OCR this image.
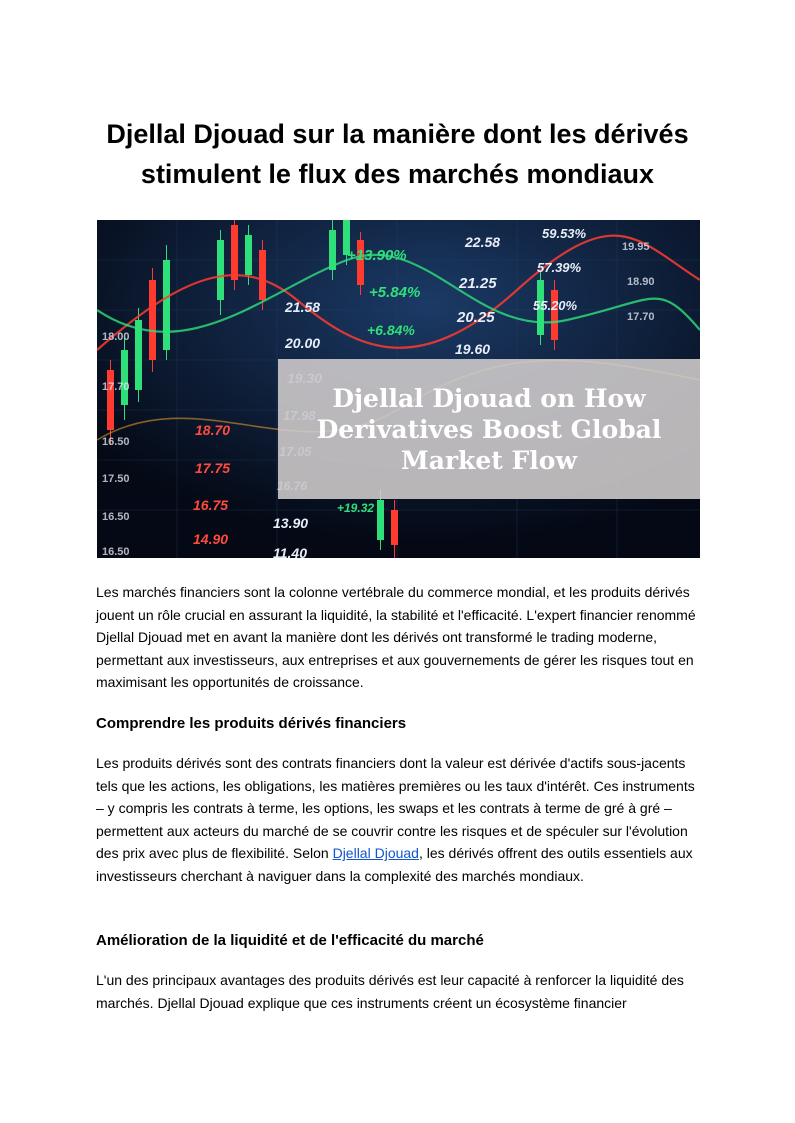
Djellal Djouad sur la manière dont les dérivés stimulent le flux des marchés mondiaux
+13.90%
22.58
59.53%
+5.84%
21.25
57.39%
21.58
20.25
55.20%
+6.84%
20.00	19.60
18.70
17.75
16.75
14.90
13.90
11.40
+19.32
16.50
17.50
16.50
16.50
18.00
17.70
19.95
18.90
17.70
Djellal Djouad on How Derivatives Boost Global Market Flow

Les marchés financiers sont la colonne vertébrale du commerce mondial, et les produits dérivés jouent un rôle crucial en assurant la liquidité, la stabilité et l'efficacité. L'expert financier renommé Djellal Djouad met en avant la manière dont les dérivés ont transformé le trading moderne, permettant aux investisseurs, aux entreprises et aux gouvernements de gérer les risques tout en maximisant les opportunités de croissance.

Comprendre les produits dérivés financiers

Les produits dérivés sont des contrats financiers dont la valeur est dérivée d'actifs sous-jacents tels que les actions, les obligations, les matières premières ou les taux d'intérêt. Ces instruments – y compris les contrats à terme, les options, les swaps et les contrats à terme de gré à gré – permettent aux acteurs du marché de se couvrir contre les risques et de spéculer sur l'évolution des prix avec plus de flexibilité. Selon Djellal Djouad, les dérivés offrent des outils essentiels aux investisseurs cherchant à naviguer dans la complexité des marchés mondiaux.

Amélioration de la liquidité et de l'efficacité du marché

L'un des principaux avantages des produits dérivés est leur capacité à renforcer la liquidité des marchés. Djellal Djouad explique que ces instruments créent un écosystème financier
